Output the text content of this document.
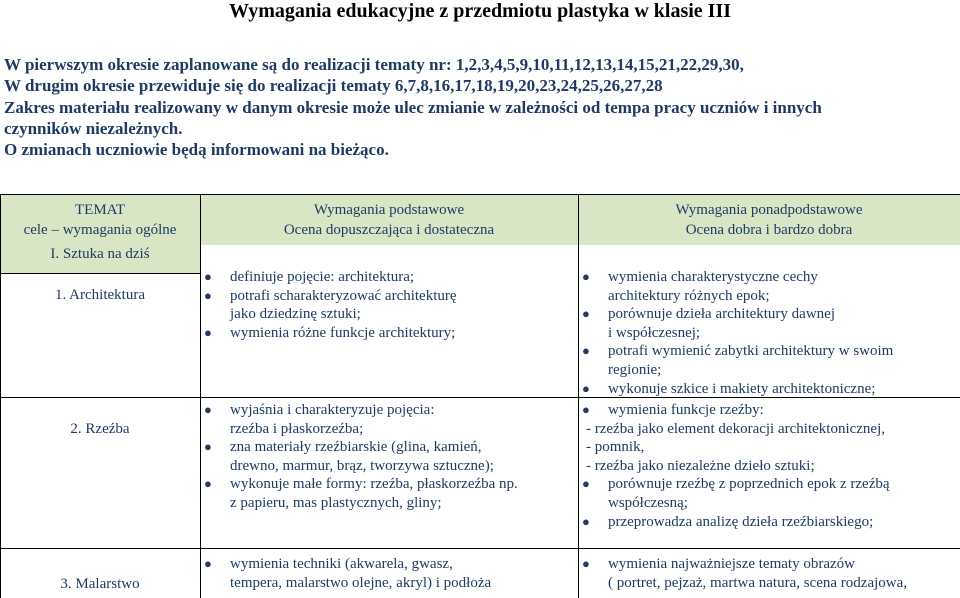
Wymagania edukacyjne z przedmiotu plastyka w klasie III
W pierwszym okresie zaplanowane są do realizacji tematy nr: 1,2,3,4,5,9,10,11,12,13,14,15,21,22,29,30,
W drugim okresie przewiduje się do realizacji tematy 6,7,8,16,17,18,19,20,23,24,25,26,27,28
Zakres materiału realizowany w danym okresie może ulec zmianie w zależności od tempa pracy uczniów i innych
czynników niezależnych.
O zmianach uczniowie będą informowani na bieżąco.
TEMAT
cele – wymagania ogólne
Wymagania podstawowe
Ocena dopuszczająca i dostateczna
Wymagania ponadpodstawowe
Ocena dobra i bardzo dobra
I. Sztuka na dziś
1. Architektura
● definiuje pojęcie: architektura;
● potrafi scharakteryzować architekturę
jako dziedzinę sztuki;
● wymienia różne funkcje architektury;
● wymienia charakterystyczne cechy
architektury różnych epok;
● porównuje dzieła architektury dawnej
i współczesnej;
● potrafi wymienić zabytki architektury w swoim
regionie;
● wykonuje szkice i makiety architektoniczne;
2. Rzeźba
● wyjaśnia i charakteryzuje pojęcia:
rzeźba i płaskorzeźba;
● zna materiały rzeźbiarskie (glina, kamień,
drewno, marmur, brąz, tworzywa sztuczne);
● wykonuje małe formy: rzeźba, płaskorzeźba np.
z papieru, mas plastycznych, gliny;
● wymienia funkcje rzeźby:
- rzeźba jako element dekoracji architektonicznej,
- pomnik,
- rzeźba jako niezależne dzieło sztuki;
● porównuje rzeźbę z poprzednich epok z rzeźbą
współczesną;
● przeprowadza analizę dzieła rzeźbiarskiego;
3. Malarstwo
● wymienia techniki (akwarela, gwasz,
tempera, malarstwo olejne, akryl) i podłoża
● wymienia najważniejsze tematy obrazów
( portret, pejzaż, martwa natura, scena rodzajowa,
